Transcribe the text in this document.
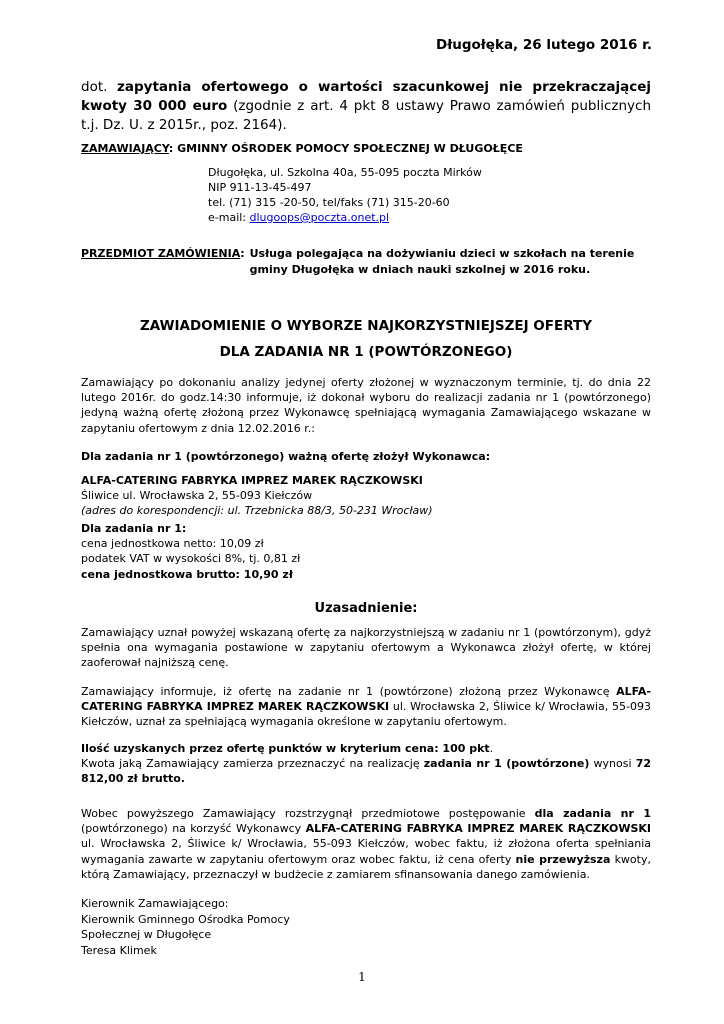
Długołęka, 26 lutego 2016 r.
dot. zapytania ofertowego o wartości szacunkowej nie przekraczającej kwoty 30 000 euro (zgodnie z art. 4 pkt 8 ustawy Prawo zamówień publicznych t.j. Dz. U. z 2015r., poz. 2164).
ZAMAWIAJĄCY: GMINNY OŚRODEK POMOCY SPOŁECZNEJ W DŁUGOŁĘCE
Długołęka, ul. Szkolna 40a, 55-095 poczta Mirków
NIP 911-13-45-497
tel. (71) 315 -20-50, tel/faks (71) 315-20-60
e-mail: dlugoops@poczta.onet.pl
PRZEDMIOT ZAMÓWIENIA: Usługa polegająca na dożywianiu dzieci w szkołach na terenie gminy Długołęka w dniach nauki szkolnej w 2016 roku.
ZAWIADOMIENIE O WYBORZE NAJKORZYSTNIEJSZEJ OFERTY
DLA ZADANIA NR 1 (POWTÓRZONEGO)
Zamawiający po dokonaniu analizy jedynej oferty złożonej w wyznaczonym terminie, tj. do dnia 22 lutego 2016r. do godz.14:30 informuje, iż dokonał wyboru do realizacji zadania nr 1 (powtórzonego) jedyną ważną ofertę złożoną przez Wykonawcę spełniającą wymagania Zamawiającego wskazane w zapytaniu ofertowym z dnia 12.02.2016 r.:
Dla zadania nr 1 (powtórzonego) ważną ofertę złożył Wykonawca:
ALFA-CATERING FABRYKA IMPREZ MAREK RĄCZKOWSKI
Śliwice ul. Wrocławska 2, 55-093 Kiełczów
(adres do korespondencji: ul. Trzebnicka 88/3, 50-231 Wrocław)
Dla zadania nr 1:
cena jednostkowa netto: 10,09 zł
podatek VAT w wysokości 8%, tj. 0,81 zł
cena jednostkowa brutto: 10,90 zł
Uzasadnienie:
Zamawiający uznał powyżej wskazaną ofertę za najkorzystniejszą w zadaniu nr 1 (powtórzonym), gdyż spełnia ona wymagania postawione w zapytaniu ofertowym a Wykonawca złożył ofertę, w której zaoferował najniższą cenę.
Zamawiający informuje, iż ofertę na zadanie nr 1 (powtórzone) złożoną przez Wykonawcę ALFA-CATERING FABRYKA IMPREZ MAREK RĄCZKOWSKI ul. Wrocławska 2, Śliwice k/ Wrocławia, 55-093 Kiełczów, uznał za spełniającą wymagania określone w zapytaniu ofertowym.
Ilość uzyskanych przez ofertę punktów w kryterium cena: 100 pkt.
Kwota jaką Zamawiający zamierza przeznaczyć na realizację zadania nr 1 (powtórzone) wynosi 72 812,00 zł brutto.
Wobec powyższego Zamawiający rozstrzygnął przedmiotowe postępowanie dla zadania nr 1 (powtórzonego) na korzyść Wykonawcy ALFA-CATERING FABRYKA IMPREZ MAREK RĄCZKOWSKI ul. Wrocławska 2, Śliwice k/ Wrocławia, 55-093 Kiełczów, wobec faktu, iż złożona oferta spełniania wymagania zawarte w zapytaniu ofertowym oraz wobec faktu, iż cena oferty nie przewyższa kwoty, którą Zamawiający, przeznaczył w budżecie z zamiarem sfinansowania danego zamówienia.
Kierownik Zamawiającego:
Kierownik Gminnego Ośrodka Pomocy
Społecznej w Długołęce
Teresa Klimek
1
